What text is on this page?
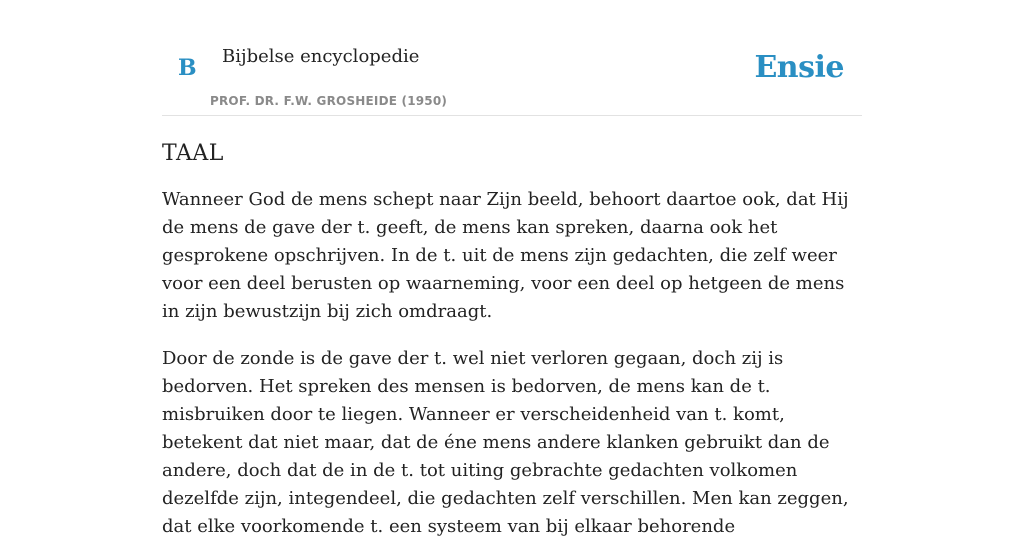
B Bijbelse encyclopedie
PROF. DR. F.W. GROSHEIDE (1950)
Ensie
TAAL

Wanneer God de mens schept naar Zijn beeld, behoort daartoe ook, dat Hij de mens de gave der t. geeft, de mens kan spreken, daarna ook het gesprokene opschrijven. In de t. uit de mens zijn gedachten, die zelf weer voor een deel berusten op waarneming, voor een deel op hetgeen de mens in zijn bewustzijn bij zich omdraagt.

Door de zonde is de gave der t. wel niet verloren gegaan, doch zij is bedorven. Het spreken des mensen is bedorven, de mens kan de t. misbruiken door te liegen. Wanneer er verscheidenheid van t. komt, betekent dat niet maar, dat de éne mens andere klanken gebruikt dan de andere, doch dat de in de t. tot uiting gebrachte gedachten volkomen dezelfde zijn, integendeel, die gedachten zelf verschillen. Men kan zeggen, dat elke voorkomende t. een systeem van bij elkaar behorende
